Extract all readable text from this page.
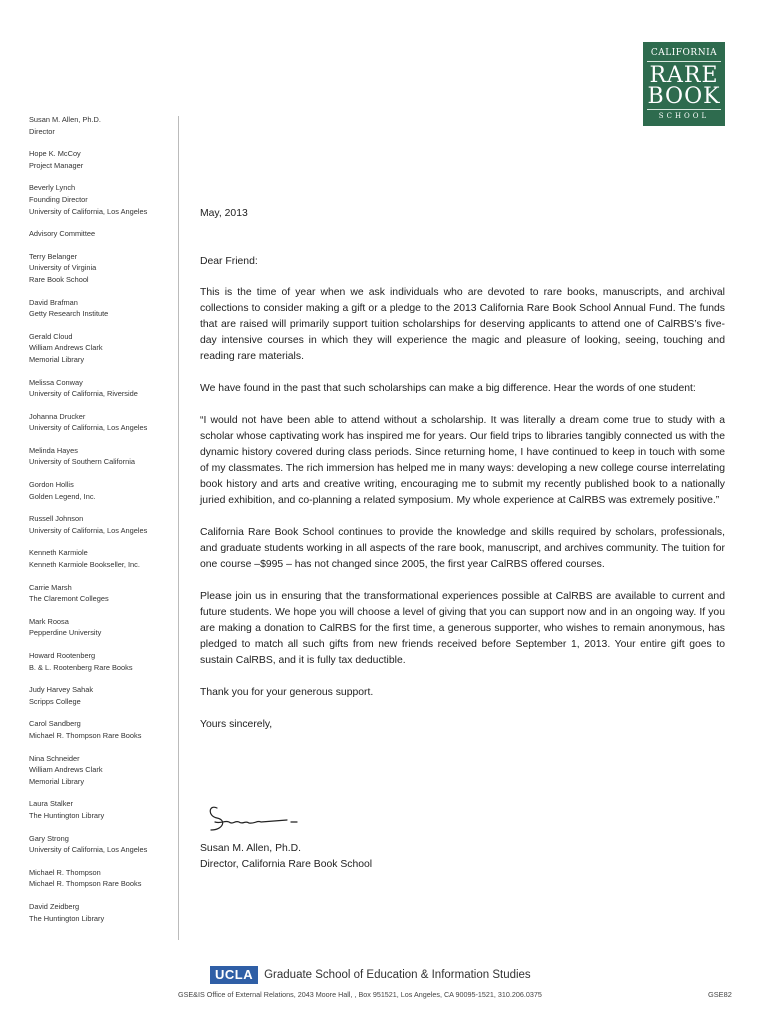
CALIFORNIA
RARE
BOOK
SCHOOL
Susan M. Allen, Ph.D.
Director
Hope K. McCoy
Project Manager
Beverly Lynch
Founding Director
University of California, Los Angeles
Advisory Committee
Terry Belanger
University of Virginia
Rare Book School
David Brafman
Getty Research Institute
Gerald Cloud
William Andrews Clark
Memorial Library
Melissa Conway
University of California, Riverside
Johanna Drucker
University of California, Los Angeles
Melinda Hayes
University of Southern California
Gordon Hollis
Golden Legend, Inc.
Russell Johnson
University of California, Los Angeles
Kenneth Karmiole
Kenneth Karmiole Bookseller, Inc.
Carrie Marsh
The Claremont Colleges
Mark Roosa
Pepperdine University
Howard Rootenberg
B. & L. Rootenberg Rare Books
Judy Harvey Sahak
Scripps College
Carol Sandberg
Michael R. Thompson Rare Books
Nina Schneider
William Andrews Clark
Memorial Library
Laura Stalker
The Huntington Library
Gary Strong
University of California, Los Angeles
Michael R. Thompson
Michael R. Thompson Rare Books
David Zeidberg
The Huntington Library

May, 2013

Dear Friend:

This is the time of year when we ask individuals who are devoted to rare books, manuscripts, and archival collections to consider making a gift or a pledge to the 2013 California Rare Book School Annual Fund. The funds that are raised will primarily support tuition scholarships for deserving applicants to attend one of CalRBS’s five-day intensive courses in which they will experience the magic and pleasure of looking, seeing, touching and reading rare materials.

We have found in the past that such scholarships can make a big difference. Hear the words of one student:

“I would not have been able to attend without a scholarship. It was literally a dream come true to study with a scholar whose captivating work has inspired me for years. Our field trips to libraries tangibly connected us with the dynamic history covered during class periods. Since returning home, I have continued to keep in touch with some of my classmates. The rich immersion has helped me in many ways: developing a new college course interrelating book history and arts and creative writing, encouraging me to submit my recently published book to a nationally juried exhibition, and co-planning a related symposium. My whole experience at CalRBS was extremely positive.”

California Rare Book School continues to provide the knowledge and skills required by scholars, professionals, and graduate students working in all aspects of the rare book, manuscript, and archives community. The tuition for one course –$995 – has not changed since 2005, the first year CalRBS offered courses.

Please join us in ensuring that the transformational experiences possible at CalRBS are available to current and future students. We hope you will choose a level of giving that you can support now and in an ongoing way. If you are making a donation to CalRBS for the first time, a generous supporter, who wishes to remain anonymous, has pledged to match all such gifts from new friends received before September 1, 2013. Your entire gift goes to sustain CalRBS, and it is fully tax deductible.

Thank you for your generous support.

Yours sincerely,

Susan M. Allen, Ph.D.
Director, California Rare Book School
UCLA Graduate School of Education & Information Studies
GSE&IS Office of External Relations, 2043 Moore Hall, , Box 951521, Los Angeles, CA 90095-1521, 310.206.0375	GSE82
